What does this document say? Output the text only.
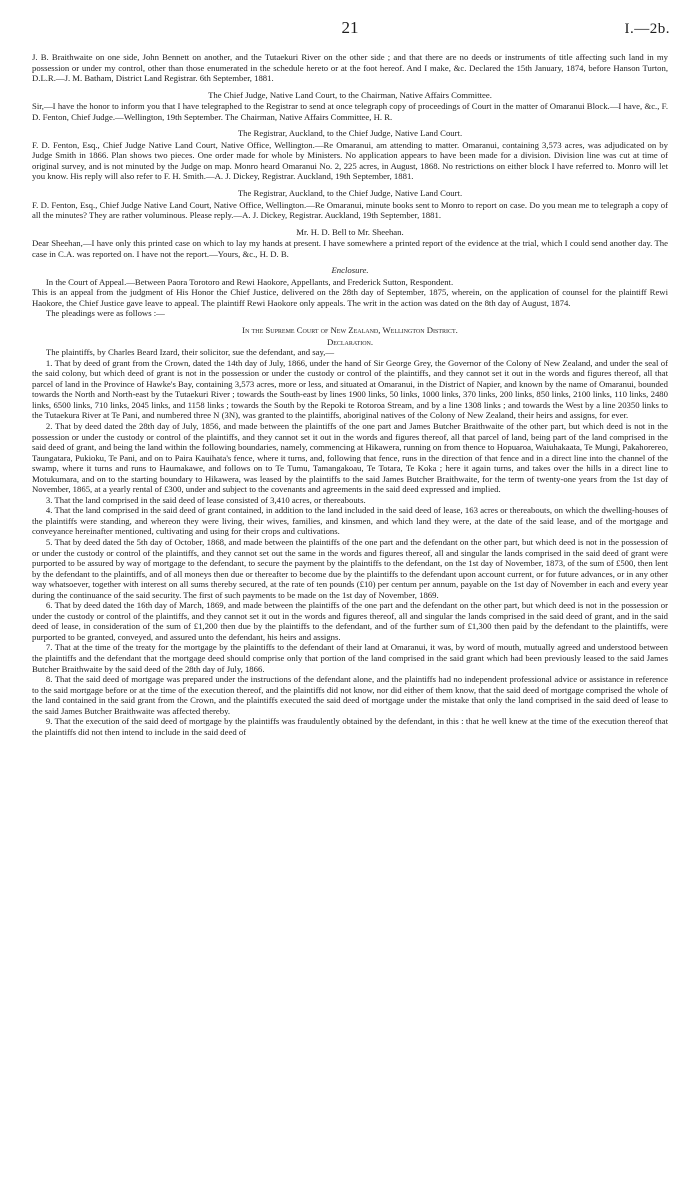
21	I.—2b.

J. B. Braithwaite on one side, John Bennett on another, and the Tutaekuri River on the other side ; and that there are no deeds or instruments of title affecting such land in my possession or under my control, other than those enumerated in the schedule hereto or at the foot hereof. And I make, &c. Declared the 15th January, 1874, before Hanson Turton, D.L.R.—J. M. Batham, District Land Registrar. 6th September, 1881.

The Chief Judge, Native Land Court, to the Chairman, Native Affairs Committee.

Sir,—I have the honor to inform you that I have telegraphed to the Registrar to send at once telegraph copy of proceedings of Court in the matter of Omaranui Block.—I have, &c., F. D. Fenton, Chief Judge.—Wellington, 19th September. The Chairman, Native Affairs Committee, H. R.

The Registrar, Auckland, to the Chief Judge, Native Land Court.

F. D. Fenton, Esq., Chief Judge Native Land Court, Native Office, Wellington.—Re Omaranui, am attending to matter. Omaranui, containing 3,573 acres, was adjudicated on by Judge Smith in 1866. Plan shows two pieces. One order made for whole by Ministers. No application appears to have been made for a division. Division line was cut at time of original survey, and is not minuted by the Judge on map. Monro heard Omaranui No. 2, 225 acres, in August, 1868. No restrictions on either block I have referred to. Monro will let you know. His reply will also refer to F. H. Smith.—A. J. Dickey, Registrar. Auckland, 19th September, 1881.

The Registrar, Auckland, to the Chief Judge, Native Land Court.

F. D. Fenton, Esq., Chief Judge Native Land Court, Native Office, Wellington.—Re Omaranui, minute books sent to Monro to report on case. Do you mean me to telegraph a copy of all the minutes? They are rather voluminous. Please reply.—A. J. Dickey, Registrar. Auckland, 19th September, 1881.

Mr. H. D. Bell to Mr. Sheehan.

Dear Sheehan,—I have only this printed case on which to lay my hands at present. I have somewhere a printed report of the evidence at the trial, which I could send another day. The case in C.A. was reported on. I have not the report.—Yours, &c., H. D. B.

Enclosure.

In the Court of Appeal.—Between Paora Torotoro and Rewi Haokore, Appellants, and Frederick Sutton, Respondent.

This is an appeal from the judgment of His Honor the Chief Justice, delivered on the 28th day of September, 1875, wherein, on the application of counsel for the plaintiff Rewi Haokore, the Chief Justice gave leave to appeal. The plaintiff Rewi Haokore only appeals. The writ in the action was dated on the 8th day of August, 1874.

The pleadings were as follows :—

In the Supreme Court of New Zealand, Wellington District.

Declaration.

The plaintiffs, by Charles Beard Izard, their solicitor, sue the defendant, and say,—

1. That by deed of grant from the Crown, dated the 14th day of July, 1866, under the hand of Sir George Grey, the Governor of the Colony of New Zealand, and under the seal of the said colony, but which deed of grant is not in the possession or under the custody or control of the plaintiffs, and they cannot set it out in the words and figures thereof, all that parcel of land in the Province of Hawke's Bay, containing 3,573 acres, more or less, and situated at Omaranui, in the District of Napier, and known by the name of Omaranui, bounded towards the North and North-east by the Tutaekuri River ; towards the South-east by lines 1900 links, 50 links, 1000 links, 370 links, 200 links, 850 links, 2100 links, 110 links, 2480 links, 6500 links, 710 links, 2045 links, and 1158 links ; towards the South by the Repoki te Rotoroa Stream, and by a line 1308 links ; and towards the West by a line 20350 links to the Tutaekura River at Te Pani, and numbered three N (3N), was granted to the plaintiffs, aboriginal natives of the Colony of New Zealand, their heirs and assigns, for ever.

2. That by deed dated the 28th day of July, 1856, and made between the plaintiffs of the one part and James Butcher Braithwaite of the other part, but which deed is not in the possession or under the custody or control of the plaintiffs, and they cannot set it out in the words and figures thereof, all that parcel of land, being part of the land comprised in the said deed of grant, and being the land within the following boundaries, namely, commencing at Hikawera, running on from thence to Hopuaroa, Waiuhakaata, Te Mungi, Pakahorereo, Taungatara, Pukioku, Te Pani, and on to Paira Kauihata's fence, where it turns, and, following that fence, runs in the direction of that fence and in a direct line into the channel of the swamp, where it turns and runs to Haumakawe, and follows on to Te Tumu, Tamangakoau, Te Totara, Te Koka ; here it again turns, and takes over the hills in a direct line to Motukumara, and on to the starting boundary to Hikawera, was leased by the plaintiffs to the said James Butcher Braithwaite, for the term of twenty-one years from the 1st day of November, 1865, at a yearly rental of £300, under and subject to the covenants and agreements in the said deed expressed and implied.

3. That the land comprised in the said deed of lease consisted of 3,410 acres, or thereabouts.

4. That the land comprised in the said deed of grant contained, in addition to the land included in the said deed of lease, 163 acres or thereabouts, on which the dwelling-houses of the plaintiffs were standing, and whereon they were living, their wives, families, and kinsmen, and which land they were, at the date of the said lease, and of the mortgage and conveyance hereinafter mentioned, cultivating and using for their crops and cultivations.

5. That by deed dated the 5th day of October, 1868, and made between the plaintiffs of the one part and the defendant on the other part, but which deed is not in the possession of or under the custody or control of the plaintiffs, and they cannot set out the same in the words and figures thereof, all and singular the lands comprised in the said deed of grant were purported to be assured by way of mortgage to the defendant, to secure the payment by the plaintiffs to the defendant, on the 1st day of November, 1873, of the sum of £500, then lent by the defendant to the plaintiffs, and of all moneys then due or thereafter to become due by the plaintiffs to the defendant upon account current, or for future advances, or in any other way whatsoever, together with interest on all sums thereby secured, at the rate of ten pounds (£10) per centum per annum, payable on the 1st day of November in each and every year during the continuance of the said security. The first of such payments to be made on the 1st day of November, 1869.

6. That by deed dated the 16th day of March, 1869, and made between the plaintiffs of the one part and the defendant on the other part, but which deed is not in the possession or under the custody or control of the plaintiffs, and they cannot set it out in the words and figures thereof, all and singular the lands comprised in the said deed of grant, and in the said deed of lease, in consideration of the sum of £1,200 then due by the plaintiffs to the defendant, and of the further sum of £1,300 then paid by the defendant to the plaintiffs, were purported to be granted, conveyed, and assured unto the defendant, his heirs and assigns.

7. That at the time of the treaty for the mortgage by the plaintiffs to the defendant of their land at Omaranui, it was, by word of mouth, mutually agreed and understood between the plaintiffs and the defendant that the mortgage deed should comprise only that portion of the land comprised in the said grant which had been previously leased to the said James Butcher Braithwaite by the said deed of the 28th day of July, 1866.

8. That the said deed of mortgage was prepared under the instructions of the defendant alone, and the plaintiffs had no independent professional advice or assistance in reference to the said mortgage before or at the time of the execution thereof, and the plaintiffs did not know, nor did either of them know, that the said deed of mortgage comprised the whole of the land contained in the said grant from the Crown, and the plaintiffs executed the said deed of mortgage under the mistake that only the land comprised in the said deed of lease to the said James Butcher Braithwaite was affected thereby.

9. That the execution of the said deed of mortgage by the plaintiffs was fraudulently obtained by the defendant, in this : that he well knew at the time of the execution thereof that the plaintiffs did not then intend to include in the said deed of
